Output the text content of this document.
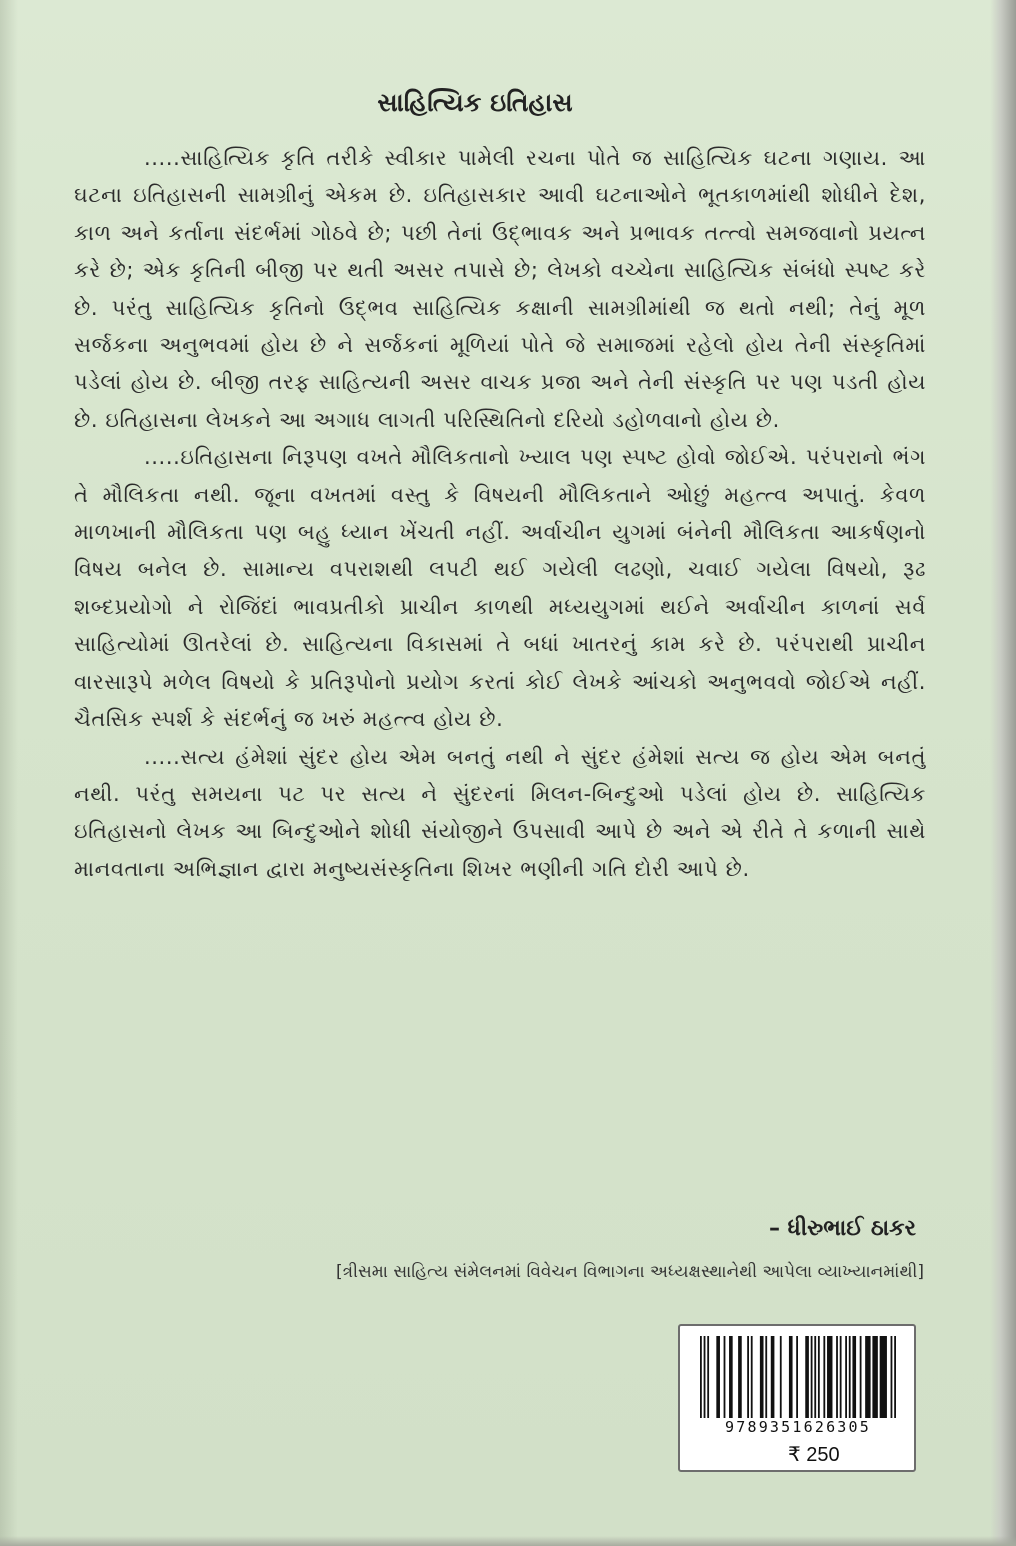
સાહિત્યિક ઇતિહાસ

.....સાહિત્યિક કૃતિ તરીકે સ્વીકાર પામેલી રચના પોતે જ સાહિત્યિક ઘટના ગણાય. આ ઘટના ઇતિહાસની સામગ્રીનું એકમ છે. ઇતિહાસકાર આવી ઘટનાઓને ભૂતકાળમાંથી શોધીને દેશ, કાળ અને કર્તાના સંદર્ભમાં ગોઠવે છે; પછી તેનાં ઉદ્ભાવક અને પ્રભાવક તત્ત્વો સમજવાનો પ્રયત્ન કરે છે; એક કૃતિની બીજી પર થતી અસર તપાસે છે; લેખકો વચ્ચેના સાહિત્યિક સંબંધો સ્પષ્ટ કરે છે. પરંતુ સાહિત્યિક કૃતિનો ઉદ્ભવ સાહિત્યિક કક્ષાની સામગ્રીમાંથી જ થતો નથી; તેનું મૂળ સર્જકના અનુભવમાં હોય છે ને સર્જકનાં મૂળિયાં પોતે જે સમાજમાં રહેલો હોય તેની સંસ્કૃતિમાં પડેલાં હોય છે. બીજી તરફ સાહિત્યની અસર વાચક પ્રજા અને તેની સંસ્કૃતિ પર પણ પડતી હોય છે. ઇતિહાસના લેખકને આ અગાધ લાગતી પરિસ્થિતિનો દરિયો ડહોળવાનો હોય છે.

.....ઇતિહાસના નિરૂપણ વખતે મૌલિકતાનો ખ્યાલ પણ સ્પષ્ટ હોવો જોઈએ. પરંપરાનો ભંગ તે મૌલિકતા નથી. જૂના વખતમાં વસ્તુ કે વિષયની મૌલિકતાને ઓછું મહત્ત્વ અપાતું. કેવળ માળખાની મૌલિકતા પણ બહુ ધ્યાન ખેંચતી નહીં. અર્વાચીન યુગમાં બંનેની મૌલિકતા આકર્ષણનો વિષય બનેલ છે. સામાન્ય વપરાશથી લપટી થઈ ગયેલી લઢણો, ચવાઈ ગયેલા વિષયો, રૂઢ શબ્દપ્રયોગો ને રોજિંદાં ભાવપ્રતીકો પ્રાચીન કાળથી મધ્યયુગમાં થઈને અર્વાચીન કાળનાં સર્વ સાહિત્યોમાં ઊતરેલાં છે. સાહિત્યના વિકાસમાં તે બધાં ખાતરનું કામ કરે છે. પરંપરાથી પ્રાચીન વારસારૂપે મળેલ વિષયો કે પ્રતિરૂપોનો પ્રયોગ કરતાં કોઈ લેખકે આંચકો અનુભવવો જોઈએ નહીં. ચૈતસિક સ્પર્શ કે સંદર્ભનું જ ખરું મહત્ત્વ હોય છે.

.....સત્ય હંમેશાં સુંદર હોય એમ બનતું નથી ને સુંદર હંમેશાં સત્ય જ હોય એમ બનતું નથી. પરંતુ સમયના પટ પર સત્ય ને સુંદરનાં મિલન-બિન્દુઓ પડેલાં હોય છે. સાહિત્યિક ઇતિહાસનો લેખક આ બિન્દુઓને શોધી સંયોજીને ઉપસાવી આપે છે અને એ રીતે તે કળાની સાથે માનવતાના અભિજ્ઞાન દ્વારા મનુષ્યસંસ્કૃતિના શિખર ભણીની ગતિ દોરી આપે છે.

– ધીરુભાઈ ઠાકર
[ત્રીસમા સાહિત્ય સંમેલનમાં વિવેચન વિભાગના અધ્યક્ષસ્થાનેથી આપેલા વ્યાખ્યાનમાંથી]
9789351626305
₹ 250
